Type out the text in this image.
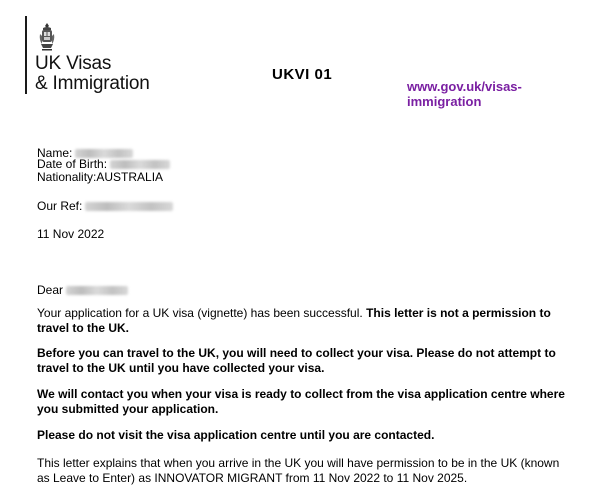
UK Visas
& Immigration	UKVI 01
www.gov.uk/visas-
immigration
Name:
Date of Birth:
Nationality:AUSTRALIA
Our Ref:
11 Nov 2022
Dear
Your application for a UK visa (vignette) has been successful. This letter is not a permission to travel to the UK.
Before you can travel to the UK, you will need to collect your visa. Please do not attempt to travel to the UK until you have collected your visa.
We will contact you when your visa is ready to collect from the visa application centre where you submitted your application.
Please do not visit the visa application centre until you are contacted.
This letter explains that when you arrive in the UK you will have permission to be in the UK (known as Leave to Enter) as INNOVATOR MIGRANT from 11 Nov 2022 to 11 Nov 2025.
